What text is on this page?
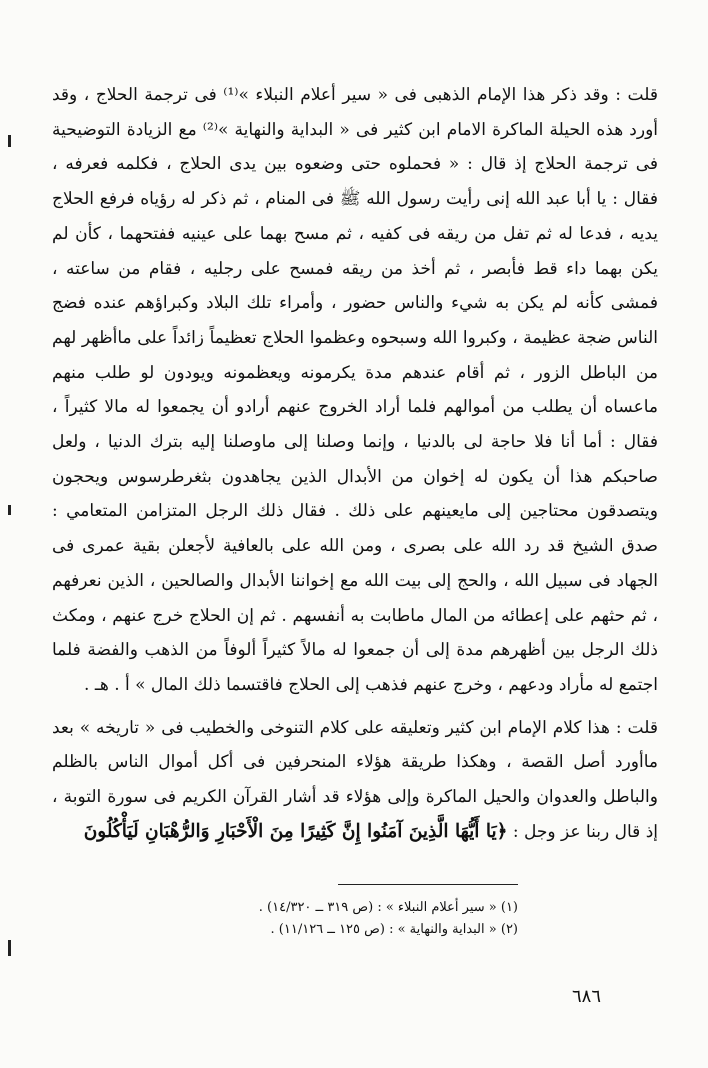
قلت : وقد ذكر هذا الإمام الذهبى فى « سير أعلام النبلاء »⁽¹⁾ فى ترجمة الحلاج ، وقد أورد هذه الحيلة الماكرة الامام ابن كثير فى « البداية والنهاية »⁽²⁾ مع الزيادة التوضيحية فى ترجمة الحلاج إذ قال : « فحملوه حتى وضعوه بين يدى الحلاج ، فكلمه فعرفه ، فقال : يا أبا عبد الله إنى رأيت رسول الله ﷺ فى المنام ، ثم ذكر له رؤياه فرفع الحلاج يديه ، فدعا له ثم تفل من ريقه فى كفيه ، ثم مسح بهما على عينيه ففتحهما ، كأن لم يكن بهما داء قط فأبصر ، ثم أخذ من ريقه فمسح على رجليه ، فقام من ساعته ، فمشى كأنه لم يكن به شيء والناس حضور ، وأمراء تلك البلاد وكبراؤهم عنده فضج الناس ضجة عظيمة ، وكبروا الله وسبحوه وعظموا الحلاج تعظيماً زائداً على ماأظهر لهم من الباطل الزور ، ثم أقام عندهم مدة يكرمونه ويعظمونه ويودون لو طلب منهم ماعساه أن يطلب من أموالهم فلما أراد الخروج عنهم أرادو أن يجمعوا له مالا كثيراً ، فقال : أما أنا فلا حاجة لى بالدنيا ، وإنما وصلنا إلى ماوصلنا إليه بترك الدنيا ، ولعل صاحبكم هذا أن يكون له إخوان من الأبدال الذين يجاهدون بثغرطرسوس ويحجون ويتصدقون محتاجين إلى مايعينهم على ذلك . فقال ذلك الرجل المتزامن المتعامي : صدق الشيخ قد رد الله على بصرى ، ومن الله على بالعافية لأجعلن بقية عمرى فى الجهاد فى سبيل الله ، والحج إلى بيت الله مع إخواننا الأبدال والصالحين ، الذين نعرفهم ، ثم حثهم على إعطائه من المال ماطابت به أنفسهم . ثم إن الحلاج خرج عنهم ، ومكث ذلك الرجل بين أظهرهم مدة إلى أن جمعوا له مالاً كثيراً ألوفاً من الذهب والفضة فلما اجتمع له مأراد ودعهم ، وخرج عنهم فذهب إلى الحلاج فاقتسما ذلك المال » أ . هـ .

قلت : هذا كلام الإمام ابن كثير وتعليقه على كلام التنوخى والخطيب فى « تاريخه » بعد ماأورد أصل القصة ، وهكذا طريقة هؤلاء المنحرفين فى أكل أموال الناس بالظلم والباطل والعدوان والحيل الماكرة وإلى هؤلاء قد أشار القرآن الكريم فى سورة التوبة ، إذ قال ربنا عز وجل : ﴿يَا أَيُّهَا الَّذِينَ آمَنُوا إِنَّ كَثِيرًا مِنَ الْأَحْبَارِ وَالرُّهْبَانِ لَيَأْكُلُونَ

(١) « سير أعلام النبلاء » : (ص ٣١٩ ــ ١٤/٣٢٠) .

(٢) « البداية والنهاية » : (ص ١٢٥ ــ ١١/١٢٦) .

٦٨٦
